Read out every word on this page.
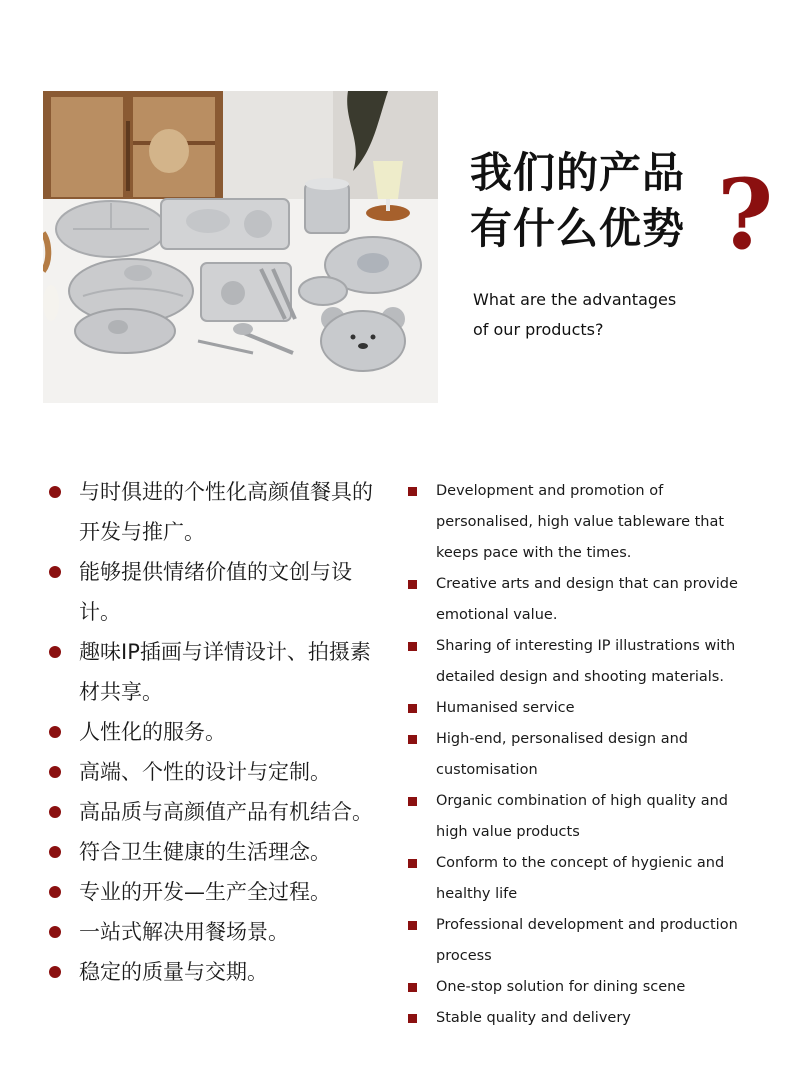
我们的产品
有什么优势 ?
What are the advantages
of our products?
与时俱进的个性化高颜值餐具的开发与推广。
能够提供情绪价值的文创与设计。
趣味IP插画与详情设计、拍摄素材共享。
人性化的服务。
高端、个性的设计与定制。
高品质与高颜值产品有机结合。
符合卫生健康的生活理念。
专业的开发—生产全过程。
一站式解决用餐场景。
稳定的质量与交期。
Development and promotion of personalised, high value tableware that keeps pace with the times.
Creative arts and design that can provide emotional value.
Sharing of interesting IP illustrations with detailed design and shooting materials.
Humanised service
High-end, personalised design and customisation
Organic combination of high quality and high value products
Conform to the concept of hygienic and healthy life
Professional development and production process
One-stop solution for dining scene
Stable quality and delivery
